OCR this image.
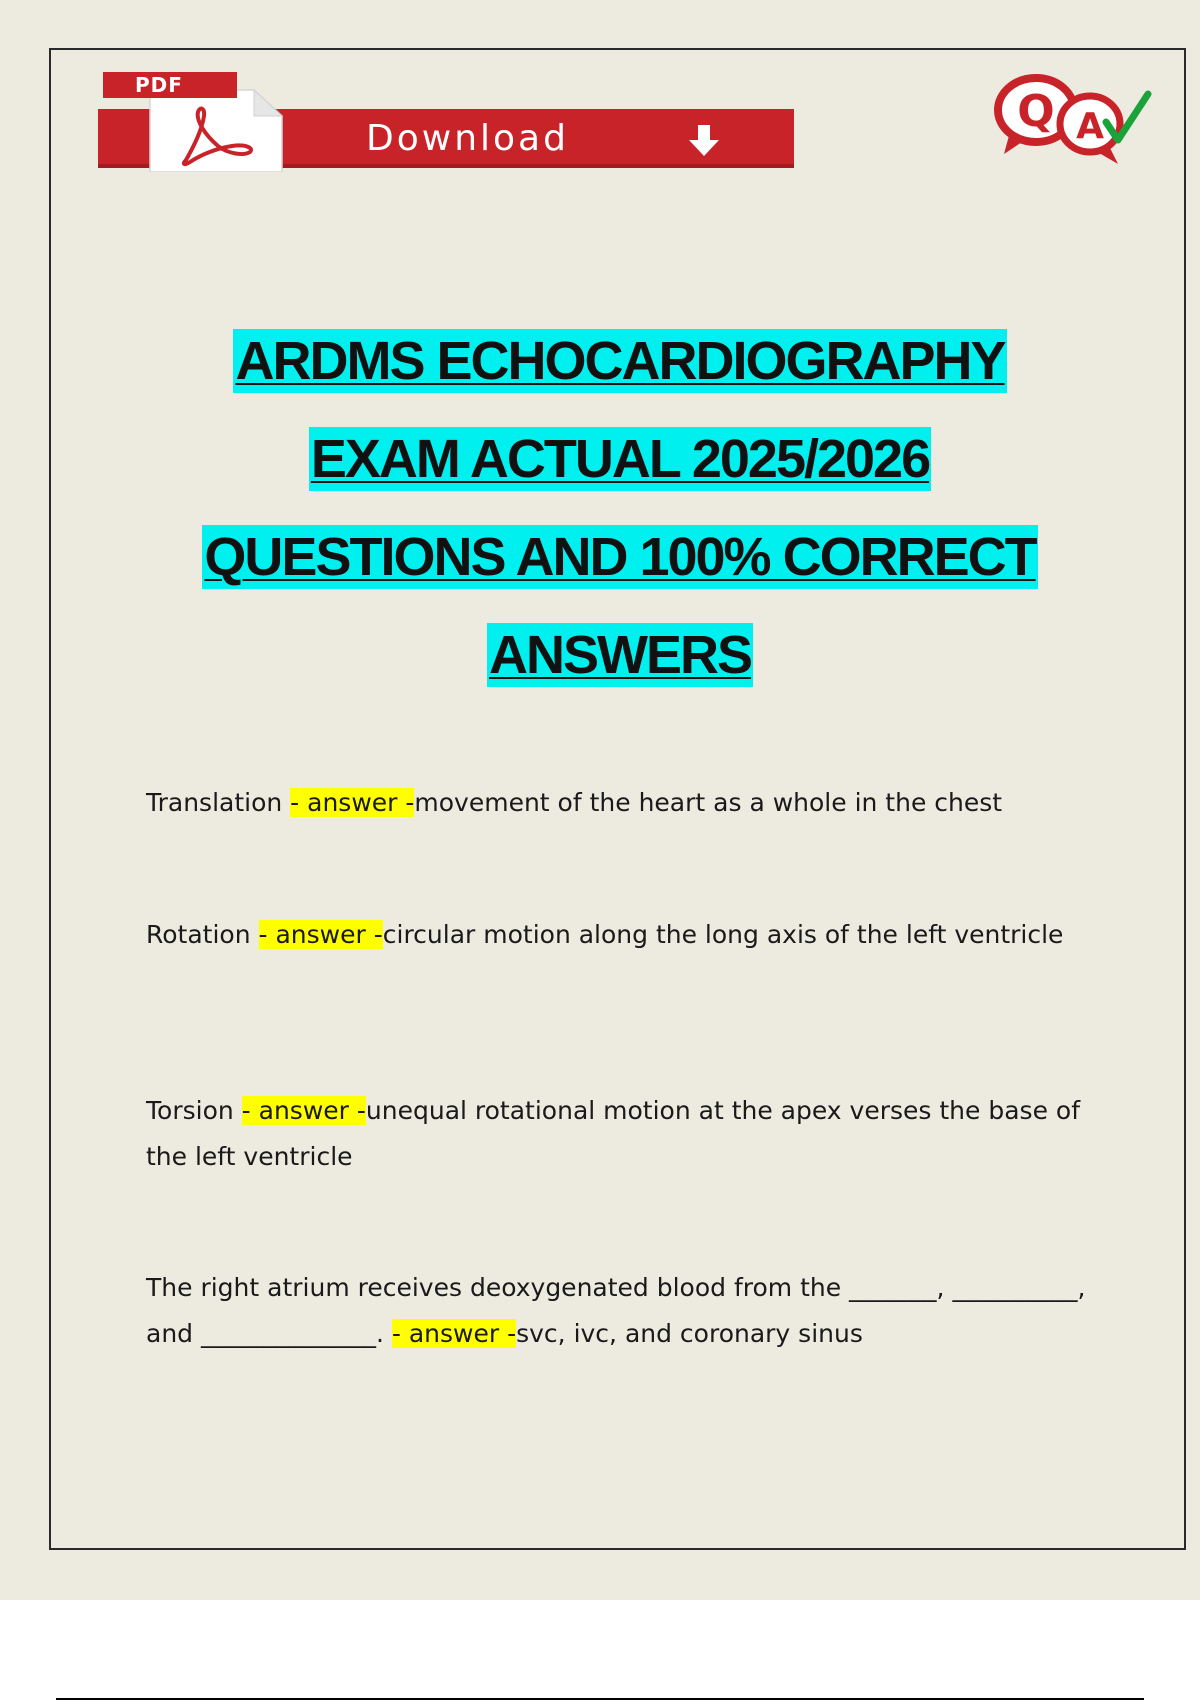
PDF
Download
Q A
ARDMS ECHOCARDIOGRAPHY
EXAM ACTUAL 2025/2026
QUESTIONS AND 100% CORRECT
ANSWERS
Translation - answer -movement of the heart as a whole in the chest
Rotation - answer -circular motion along the long axis of the left ventricle
Torsion - answer -unequal rotational motion at the apex verses the base of the left ventricle
The right atrium receives deoxygenated blood from the _______, __________, and ______________. - answer -svc, ivc, and coronary sinus
